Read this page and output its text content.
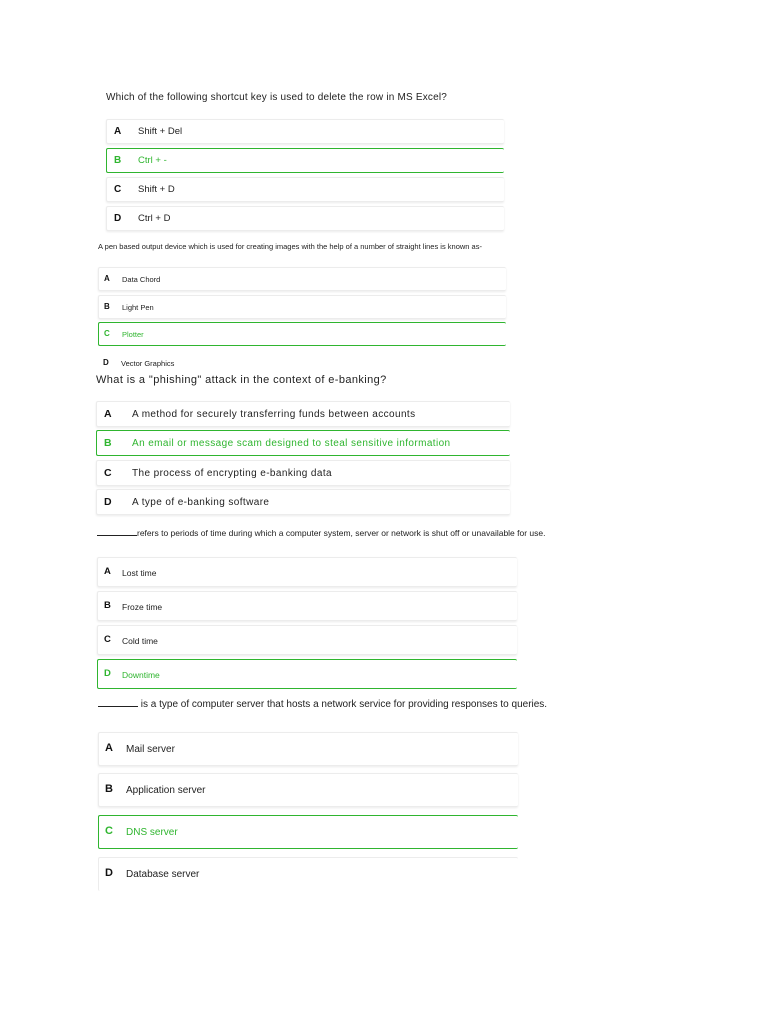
Which of the following shortcut key is used to delete the row in MS Excel?
A Shift + Del
B Ctrl + -
C Shift + D
D Ctrl + D
A pen based output device which is used for creating images with the help of a number of straight lines is known as-
A Data Chord
B Light Pen
C Plotter
D Vector Graphics
What is a "phishing" attack in the context of e-banking?
A A method for securely transferring funds between accounts
B An email or message scam designed to steal sensitive information
C The process of encrypting e-banking data
D A type of e-banking software
refers to periods of time during which a computer system, server or network is shut off or unavailable for use.
A Lost time
B Froze time
C Cold time
D Downtime
is a type of computer server that hosts a network service for providing responses to queries.
A Mail server
B Application server
C DNS server
D Database server
